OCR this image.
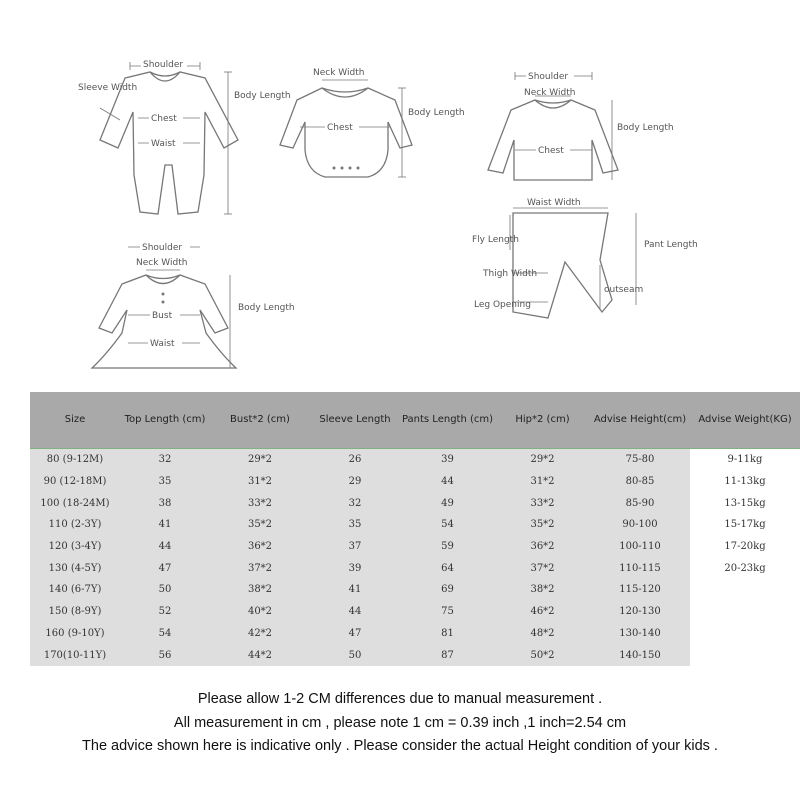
Shoulder
Chest
Waist
Body Length
Sleeve Width
Neck Width
Chest
Body Length
Shoulder
Neck Width
Chest
Body Length
Shoulder
Neck Width
Bust
Waist
Body Length
Waist Width
Fly Length	Pant Length
Thigh Width
outseam
Leg Opening
Size	Top Length (cm)	Bust*2 (cm)	Sleeve Length	Pants Length (cm)	Hip*2 (cm)	Advise Height(cm)	Advise Weight(KG)
80 (9-12M)	32	29*2	26	39	29*2	75-80	9-11kg
90 (12-18M)	35	31*2	29	44	31*2	80-85	11-13kg
100 (18-24M)	38	33*2	32	49	33*2	85-90	13-15kg
110 (2-3Y)	41	35*2	35	54	35*2	90-100	15-17kg
120 (3-4Y)	44	36*2	37	59	36*2	100-110	17-20kg
130 (4-5Y)	47	37*2	39	64	37*2	110-115	20-23kg
140 (6-7Y)	50	38*2	41	69	38*2	115-120	
150 (8-9Y)	52	40*2	44	75	46*2	120-130	
160 (9-10Y)	54	42*2	47	81	48*2	130-140	
170(10-11Y)	56	44*2	50	87	50*2	140-150	

Please allow 1-2 CM differences due to manual measurement .

All measurement in cm , please note 1 cm = 0.39 inch ,1 inch=2.54 cm

The advice shown here is indicative only . Please consider the actual Height condition of your kids .
